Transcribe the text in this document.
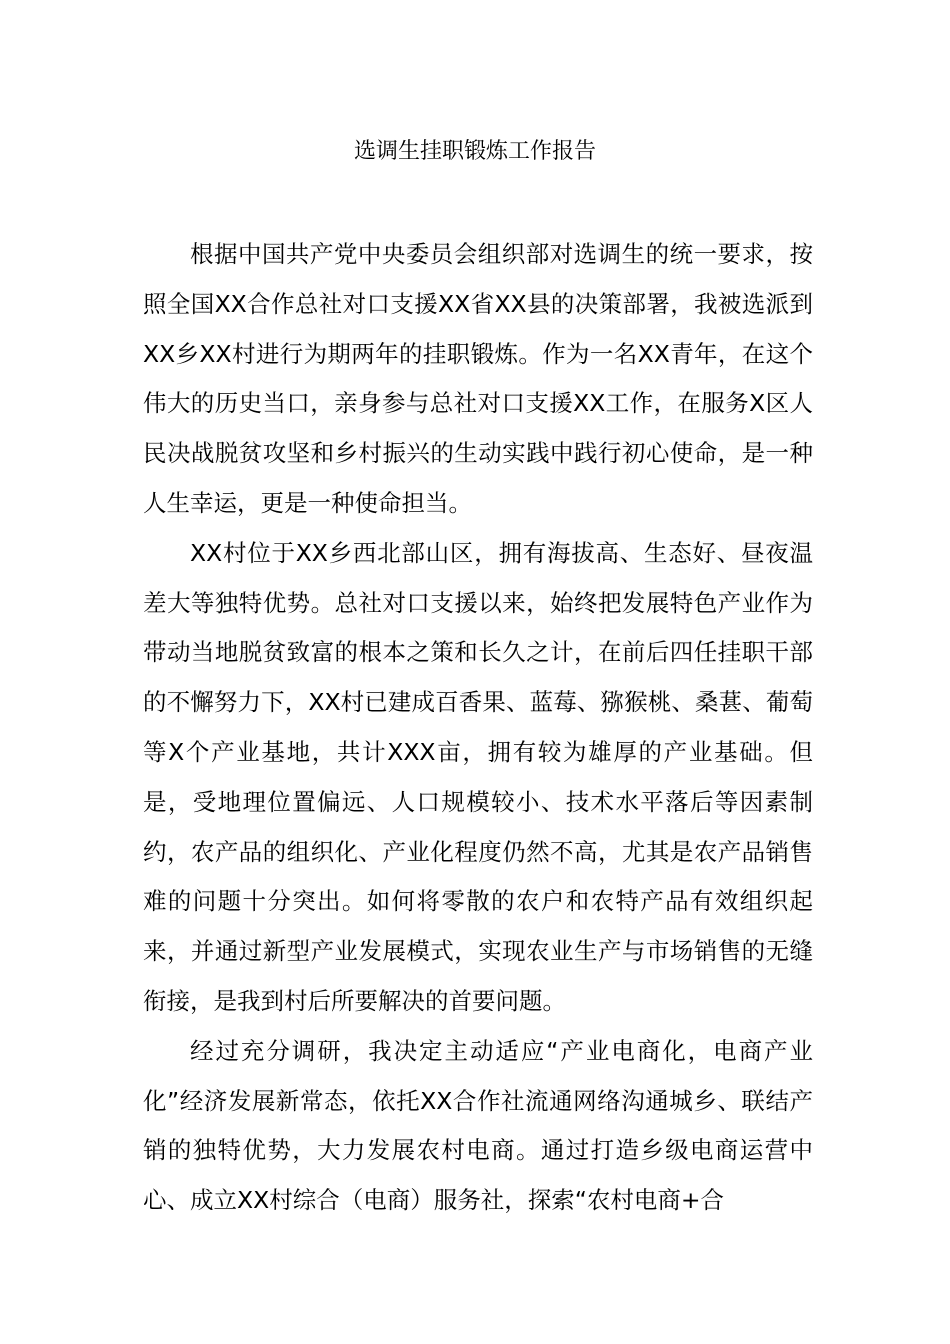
选调生挂职锻炼工作报告

根据中国共产党中央委员会组织部对选调生的统一要求，按照全国XX合作总社对口支援XX省XX县的决策部署，我被选派到XX乡XX村进行为期两年的挂职锻炼。作为一名XX青年，在这个伟大的历史当口，亲身参与总社对口支援XX工作，在服务X区人民决战脱贫攻坚和乡村振兴的生动实践中践行初心使命，是一种人生幸运，更是一种使命担当。

XX村位于XX乡西北部山区，拥有海拔高、生态好、昼夜温差大等独特优势。总社对口支援以来，始终把发展特色产业作为带动当地脱贫致富的根本之策和长久之计，在前后四任挂职干部的不懈努力下，XX村已建成百香果、蓝莓、猕猴桃、桑葚、葡萄等X个产业基地，共计XXX亩，拥有较为雄厚的产业基础。但是，受地理位置偏远、人口规模较小、技术水平落后等因素制约，农产品的组织化、产业化程度仍然不高，尤其是农产品销售难的问题十分突出。如何将零散的农户和农特产品有效组织起来，并通过新型产业发展模式，实现农业生产与市场销售的无缝衔接，是我到村后所要解决的首要问题。

经过充分调研，我决定主动适应“产业电商化，电商产业化”经济发展新常态，依托XX合作社流通网络沟通城乡、联结产销的独特优势，大力发展农村电商。通过打造乡级电商运营中心、成立XX村综合（电商）服务社，探索“农村电商+合
